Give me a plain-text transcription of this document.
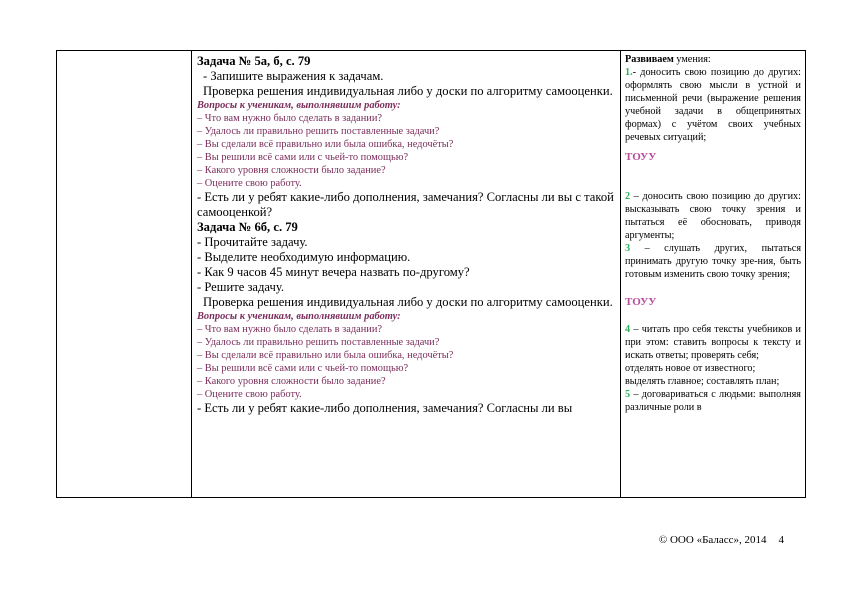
Задача № 5а, б, с. 79
- Запишите выражения к задачам.
Проверка решения индивидуальная либо у доски по алгоритму самооценки.
Вопросы к ученикам, выполнявшим работу:
– Что вам нужно было сделать в задании?
– Удалось ли правильно решить поставленные задачи?
– Вы сделали всё правильно или была ошибка, недочёты?
– Вы решили всё сами или с чьей-то помощью?
– Какого уровня сложности было задание?
– Оцените свою работу.
- Есть ли у ребят какие-либо дополнения, замечания? Согласны ли вы с такой самооценкой?
Задача № 6б, с. 79
- Прочитайте задачу.
- Выделите необходимую информацию.
- Как 9 часов 45 минут вечера назвать по-другому?
- Решите задачу.
Проверка решения индивидуальная либо у доски по алгоритму самооценки.
Вопросы к ученикам, выполнявшим работу:
– Что вам нужно было сделать в задании?
– Удалось ли правильно решить поставленные задачи?
– Вы сделали всё правильно или была ошибка, недочёты?
– Вы решили всё сами или с чьей-то помощью?
– Какого уровня сложности было задание?
– Оцените свою работу.
- Есть ли у ребят какие-либо дополнения, замечания? Согласны ли вы

Развиваем умения:
1.- доносить свою позицию до других: оформлять свою мысли в устной и письменной речи (выражение решения учебной задачи в общепринятых формах) с учётом своих учебных речевых ситуаций;
ТОУУ
2 – доносить свою позицию до других: высказывать свою точку зрения и пытаться её обосновать, приводя аргументы;
3 – слушать других, пытаться принимать другую точку зре-ния, быть готовым изменить свою точку зрения;
ТОУУ
4 – читать про себя тексты учебников и при этом: ставить вопросы к тексту и искать ответы; проверять себя;
отделять новое от известного;
выделять главное; составлять план;
5 – договариваться с людьми: выполняя различные роли в
© ООО «Баласс», 2014 4
